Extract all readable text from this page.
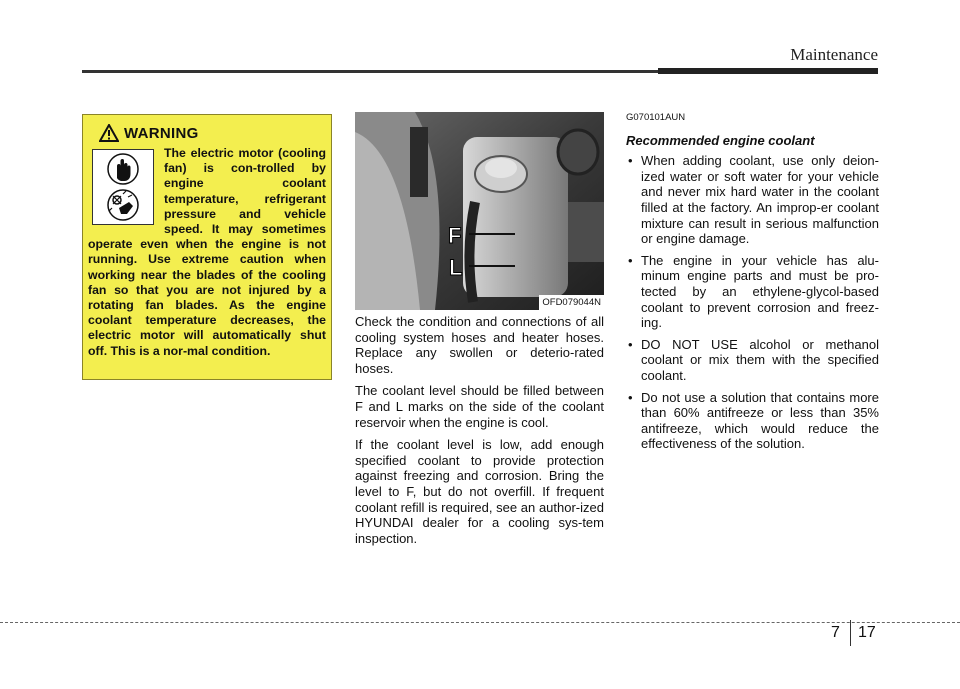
Maintenance
The electric motor (cooling fan) is con-trolled by engine coolant temperature, refrigerant pressure and vehicle speed. It may sometimes operate even when the engine is not running. Use extreme caution when working near the blades of the cooling fan so that you are not injured by a rotating fan blades. As the engine coolant temperature decreases, the electric motor will automatically shut off. This is a nor-mal condition.
WARNING
F
L
OFD079044N

Check the condition and connections of all cooling system hoses and heater hoses. Replace any swollen or deterio-rated hoses.

The coolant level should be filled between F and L marks on the side of the coolant reservoir when the engine is cool.

If the coolant level is low, add enough specified coolant to provide protection against freezing and corrosion. Bring the level to F, but do not overfill. If frequent coolant refill is required, see an author-ized HYUNDAI dealer for a cooling sys-tem inspection.

G070101AUN
Recommended engine coolant
• When adding coolant, use only deion-ized water or soft water for your vehicle and never mix hard water in the coolant filled at the factory. An improp-er coolant mixture can result in serious malfunction or engine damage.
• The engine in your vehicle has alu-minum engine parts and must be pro-tected by an ethylene-glycol-based coolant to prevent corrosion and freez-ing.
• DO NOT USE alcohol or methanol coolant or mix them with the specified coolant.
• Do not use a solution that contains more than 60% antifreeze or less than 35% antifreeze, which would reduce the effectiveness of the solution.
7 17
